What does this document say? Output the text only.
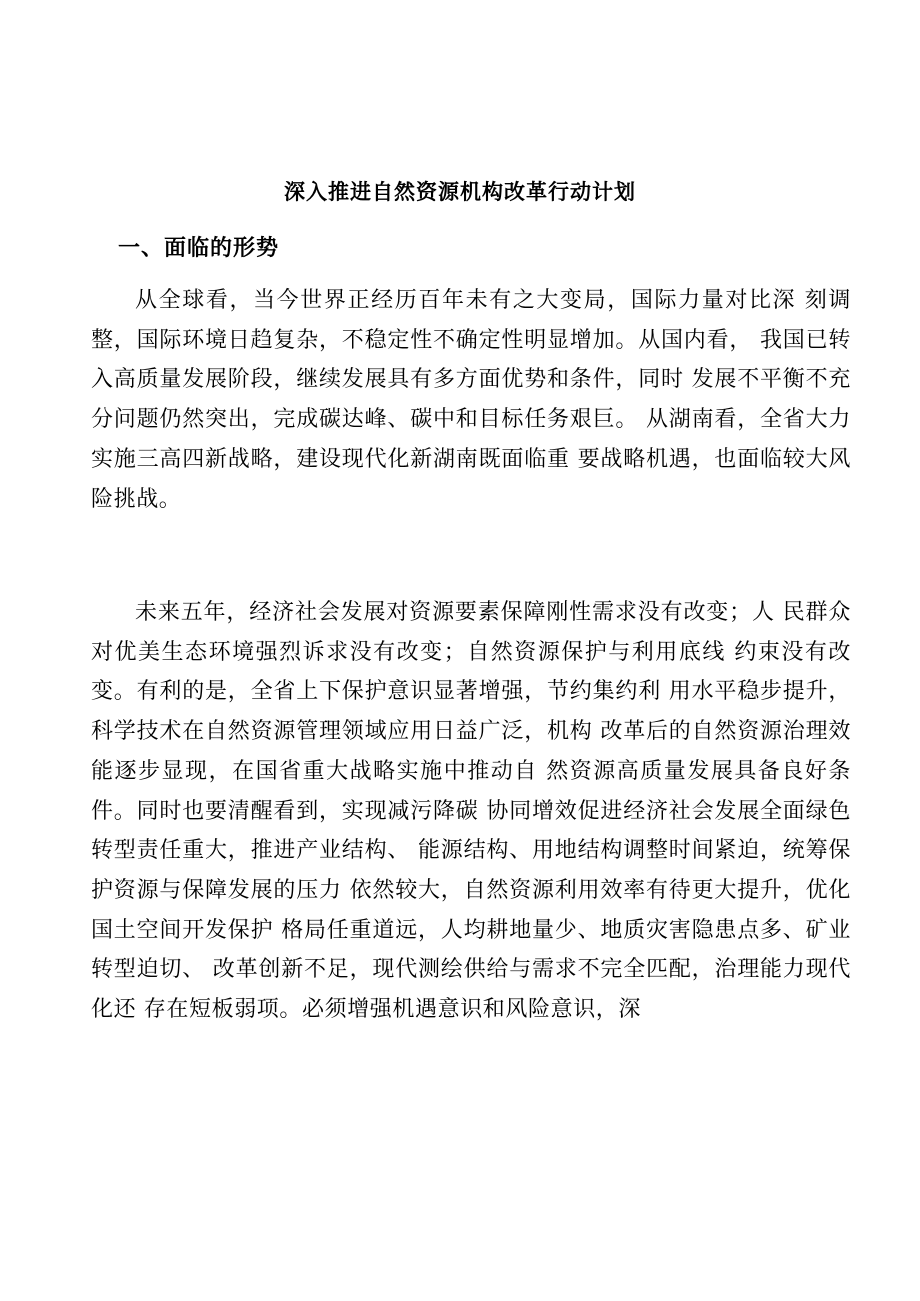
深入推进自然资源机构改革行动计划
一、面临的形势

从全球看，当今世界正经历百年未有之大变局，国际力量对比深 刻调整，国际环境日趋复杂，不稳定性不确定性明显增加。从国内看， 我国已转入高质量发展阶段，继续发展具有多方面优势和条件，同时 发展不平衡不充分问题仍然突出，完成碳达峰、碳中和目标任务艰巨。 从湖南看，全省大力实施三高四新战略，建设现代化新湖南既面临重 要战略机遇，也面临较大风险挑战。

未来五年，经济社会发展对资源要素保障刚性需求没有改变；人 民群众对优美生态环境强烈诉求没有改变；自然资源保护与利用底线 约束没有改变。有利的是，全省上下保护意识显著增强，节约集约利 用水平稳步提升，科学技术在自然资源管理领域应用日益广泛，机构 改革后的自然资源治理效能逐步显现，在国省重大战略实施中推动自 然资源高质量发展具备良好条件。同时也要清醒看到，实现减污降碳 协同增效促进经济社会发展全面绿色转型责任重大，推进产业结构、 能源结构、用地结构调整时间紧迫，统筹保护资源与保障发展的压力 依然较大，自然资源利用效率有待更大提升，优化国土空间开发保护 格局任重道远，人均耕地量少、地质灾害隐患点多、矿业转型迫切、 改革创新不足，现代测绘供给与需求不完全匹配，治理能力现代化还 存在短板弱项。必须增强机遇意识和风险意识，深
